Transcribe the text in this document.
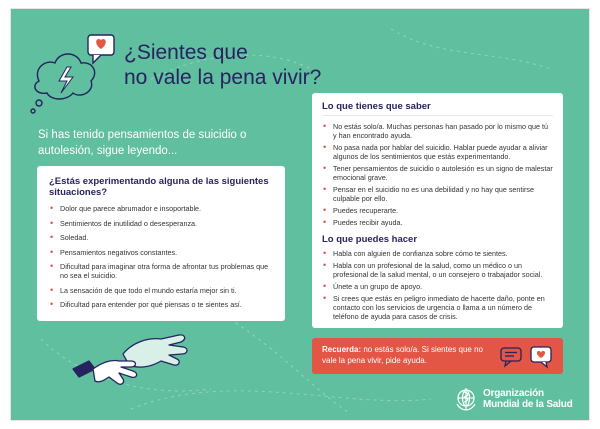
¿Sientes que
no vale la pena vivir?

Si has tenido pensamientos de suicidio o autolesión, sigue leyendo...

¿Estás experimentando alguna de las siguientes situaciones?
• Dolor que parece abrumador e insoportable.
• Sentimientos de inutilidad o desesperanza.
• Soledad.
• Pensamientos negativos constantes.
• Dificultad para imaginar otra forma de afrontar tus problemas que no sea el suicidio.
• La sensación de que todo el mundo estaría mejor sin ti.
• Dificultad para entender por qué piensas o te sientes así.
Lo que tienes que saber
• No estás solo/a. Muchas personas han pasado por lo mismo que tú y han encontrado ayuda.
• No pasa nada por hablar del suicidio. Hablar puede ayudar a aliviar algunos de los sentimientos que estás experimentando.
• Tener pensamientos de suicidio o autolesión es un signo de malestar emocional grave.
• Pensar en el suicidio no es una debilidad y no hay que sentirse culpable por ello.
• Puedes recuperarte.
• Puedes recibir ayuda.
Lo que puedes hacer
• Habla con alguien de confianza sobre cómo te sientes.
• Habla con un profesional de la salud, como un médico o un profesional de la salud mental, o un consejero o trabajador social.
• Únete a un grupo de apoyo.
• Si crees que estás en peligro inmediato de hacerte daño, ponte en contacto con los servicios de urgencia o llama a un número de teléfono de ayuda para casos de crisis.
Recuerda: no estás solo/a. Si sientes que no vale la pena vivir, pide ayuda.
Organización
Mundial de la Salud
